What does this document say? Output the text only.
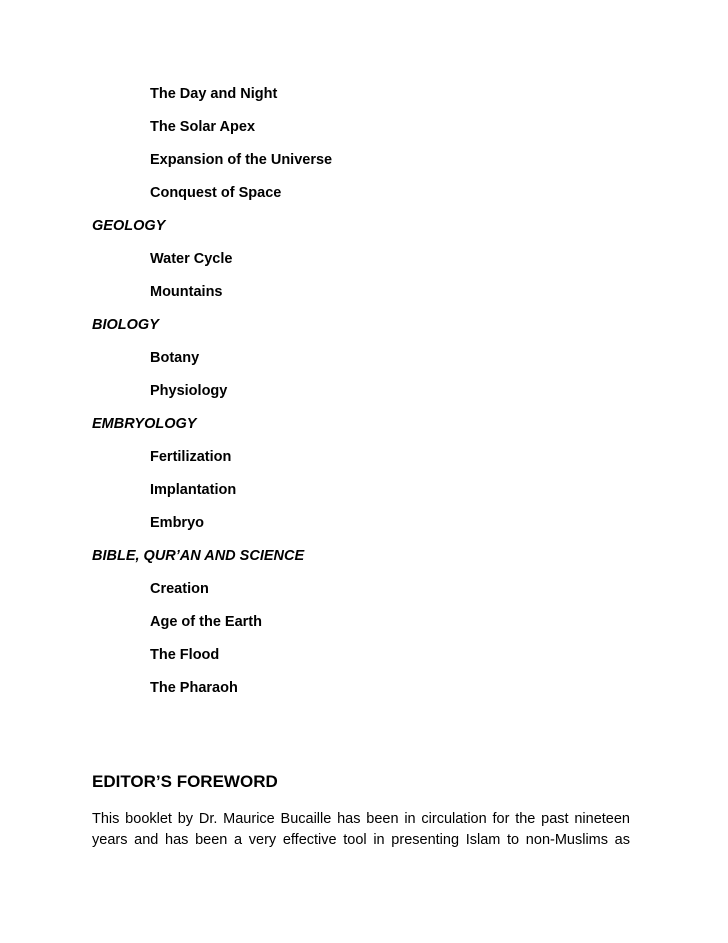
The Day and Night
The Solar Apex
Expansion of the Universe
Conquest of Space
GEOLOGY
Water Cycle
Mountains
BIOLOGY
Botany
Physiology
EMBRYOLOGY
Fertilization
Implantation
Embryo
BIBLE, QUR’AN AND SCIENCE
Creation
Age of the Earth
The Flood
The Pharaoh
EDITOR’S FOREWORD
This booklet by Dr. Maurice Bucaille has been in circulation for the past nineteen
years and has been a very effective tool in presenting Islam to non-Muslims as
